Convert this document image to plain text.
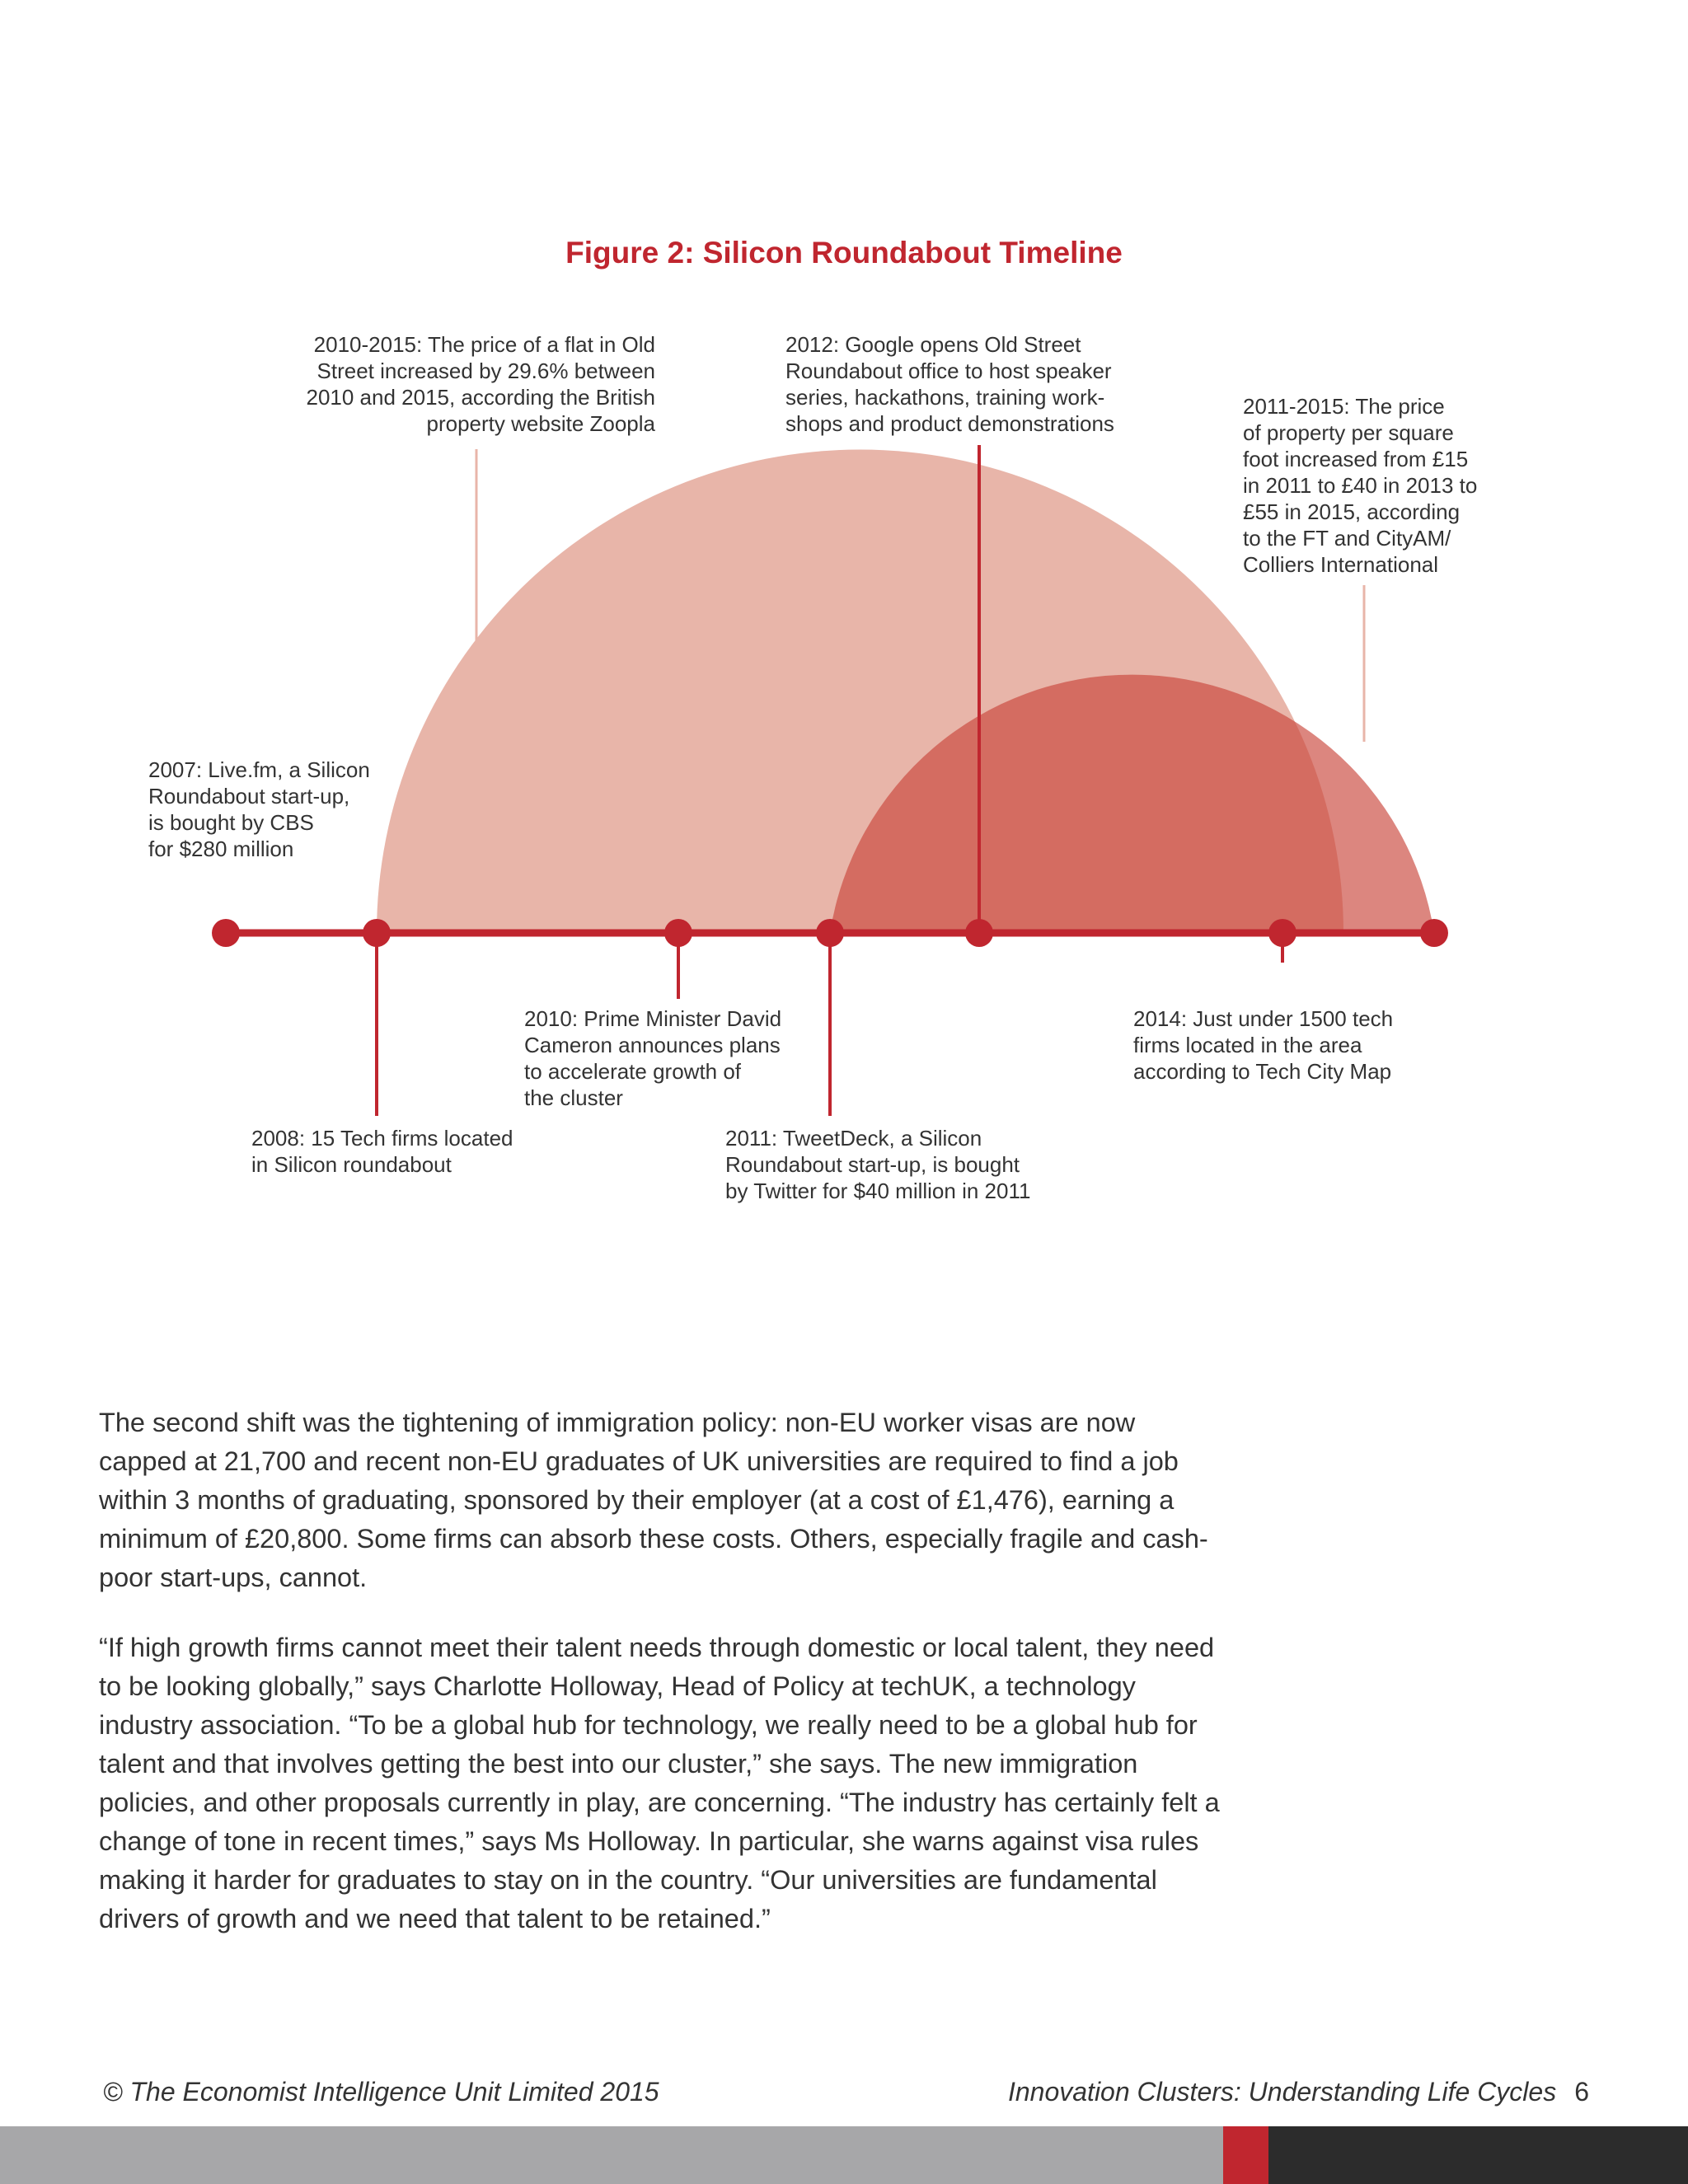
Figure 2: Silicon Roundabout Timeline
2010-2015: The price of a flat in Old
Street increased by 29.6% between
2010 and 2015, according the British
property website Zoopla
2012: Google opens Old Street
Roundabout office to host speaker
series, hackathons, training work-
shops and product demonstrations
2011-2015: The price
of property per square
foot increased from £15
in 2011 to £40 in 2013 to
£55 in 2015, according
to the FT and CityAM/
Colliers International
2007: Live.fm, a Silicon
Roundabout start-up,
is bought by CBS
for $280 million
2010: Prime Minister David
Cameron announces plans
to accelerate growth of
the cluster
2014: Just under 1500 tech
firms located in the area
according to Tech City Map
2008: 15 Tech firms located
in Silicon roundabout
2011: TweetDeck, a Silicon
Roundabout start-up, is bought
by Twitter for $40 million in 2011
The second shift was the tightening of immigration policy: non-EU worker visas are now capped at 21,700 and recent non-EU graduates of UK universities are required to find a job within 3 months of graduating, sponsored by their employer (at a cost of £1,476), earning a minimum of £20,800. Some firms can absorb these costs. Others, especially fragile and cash-poor start-ups, cannot.
“If high growth firms cannot meet their talent needs through domestic or local talent, they need to be looking globally,” says Charlotte Holloway, Head of Policy at techUK, a technology industry association. “To be a global hub for technology, we really need to be a global hub for talent and that involves getting the best into our cluster,” she says. The new immigration policies, and other proposals currently in play, are concerning. “The industry has certainly felt a change of tone in recent times,” says Ms Holloway. In particular, she warns against visa rules making it harder for graduates to stay on in the country. “Our universities are fundamental drivers of growth and we need that talent to be retained.”
© The Economist Intelligence Unit Limited 2015	Innovation Clusters: Understanding Life Cycles 6
